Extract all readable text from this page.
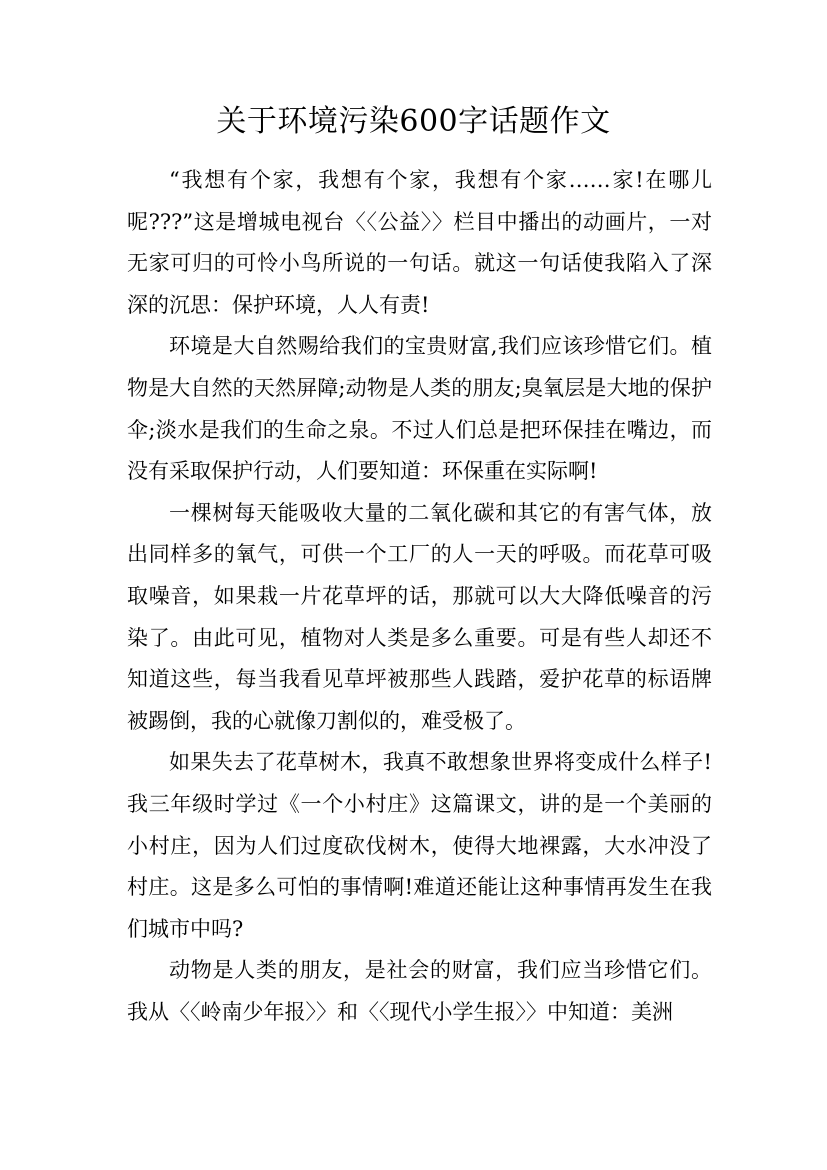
关于环境污染600字话题作文

“我想有个家，我想有个家，我想有个家……家!在哪儿呢???”这是增城电视台〈〈公益〉〉栏目中播出的动画片，一对无家可归的可怜小鸟所说的一句话。就这一句话使我陷入了深深的沉思：保护环境，人人有责!

环境是大自然赐给我们的宝贵财富,我们应该珍惜它们。植物是大自然的天然屏障;动物是人类的朋友;臭氧层是大地的保护伞;淡水是我们的生命之泉。不过人们总是把环保挂在嘴边，而没有采取保护行动，人们要知道：环保重在实际啊!

一棵树每天能吸收大量的二氧化碳和其它的有害气体，放出同样多的氧气，可供一个工厂的人一天的呼吸。而花草可吸取噪音，如果栽一片花草坪的话，那就可以大大降低噪音的污染了。由此可见，植物对人类是多么重要。可是有些人却还不知道这些，每当我看见草坪被那些人践踏，爱护花草的标语牌被踢倒，我的心就像刀割似的，难受极了。

如果失去了花草树木，我真不敢想象世界将变成什么样子!我三年级时学过《一个小村庄》这篇课文，讲的是一个美丽的小村庄，因为人们过度砍伐树木，使得大地裸露，大水冲没了村庄。这是多么可怕的事情啊!难道还能让这种事情再发生在我们城市中吗?

动物是人类的朋友，是社会的财富，我们应当珍惜它们。我从〈〈岭南少年报〉〉和〈〈现代小学生报〉〉中知道：美洲
